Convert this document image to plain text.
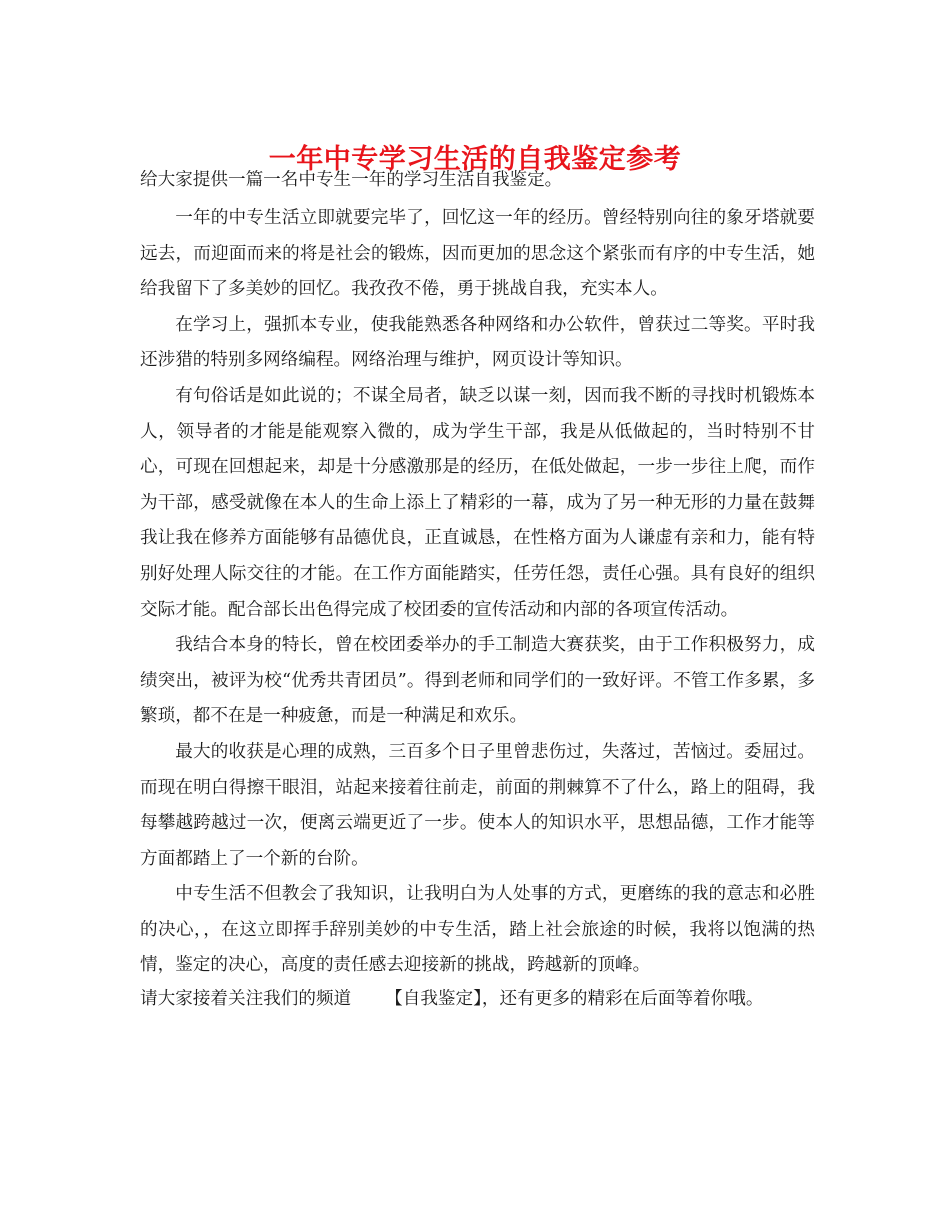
一年中专学习生活的自我鉴定参考

给大家提供一篇一名中专生一年的学习生活自我鉴定。

一年的中专生活立即就要完毕了，回忆这一年的经历。曾经特别向往的象牙塔就要远去，而迎面而来的将是社会的锻炼，因而更加的思念这个紧张而有序的中专生活，她给我留下了多美妙的回忆。我孜孜不倦，勇于挑战自我，充实本人。

在学习上，强抓本专业，使我能熟悉各种网络和办公软件，曾获过二等奖。平时我还涉猎的特别多网络编程。网络治理与维护，网页设计等知识。

有句俗话是如此说的；不谋全局者，缺乏以谋一刻，因而我不断的寻找时机锻炼本人，领导者的才能是能观察入微的，成为学生干部，我是从低做起的，当时特别不甘心，可现在回想起来，却是十分感激那是的经历，在低处做起，一步一步往上爬，而作为干部，感受就像在本人的生命上添上了精彩的一幕，成为了另一种无形的力量在鼓舞我让我在修养方面能够有品德优良，正直诚恳，在性格方面为人谦虚有亲和力，能有特别好处理人际交往的才能。在工作方面能踏实，任劳任怨，责任心强。具有良好的组织交际才能。配合部长出色得完成了校团委的宣传活动和内部的各项宣传活动。

我结合本身的特长，曾在校团委举办的手工制造大赛获奖，由于工作积极努力，成绩突出，被评为校“优秀共青团员”。得到老师和同学们的一致好评。不管工作多累，多繁琐，都不在是一种疲惫，而是一种满足和欢乐。

最大的收获是心理的成熟，三百多个日子里曾悲伤过，失落过，苦恼过。委屈过。而现在明白得擦干眼泪，站起来接着往前走，前面的荆棘算不了什么，路上的阻碍，我每攀越跨越过一次，便离云端更近了一步。使本人的知识水平，思想品德，工作才能等方面都踏上了一个新的台阶。

中专生活不但教会了我知识，让我明白为人处事的方式，更磨练的我的意志和必胜的决心，，在这立即挥手辞别美妙的中专生活，踏上社会旅途的时候，我将以饱满的热情，鉴定的决心，高度的责任感去迎接新的挑战，跨越新的顶峰。

请大家接着关注我们的频道 【自我鉴定】，还有更多的精彩在后面等着你哦。
